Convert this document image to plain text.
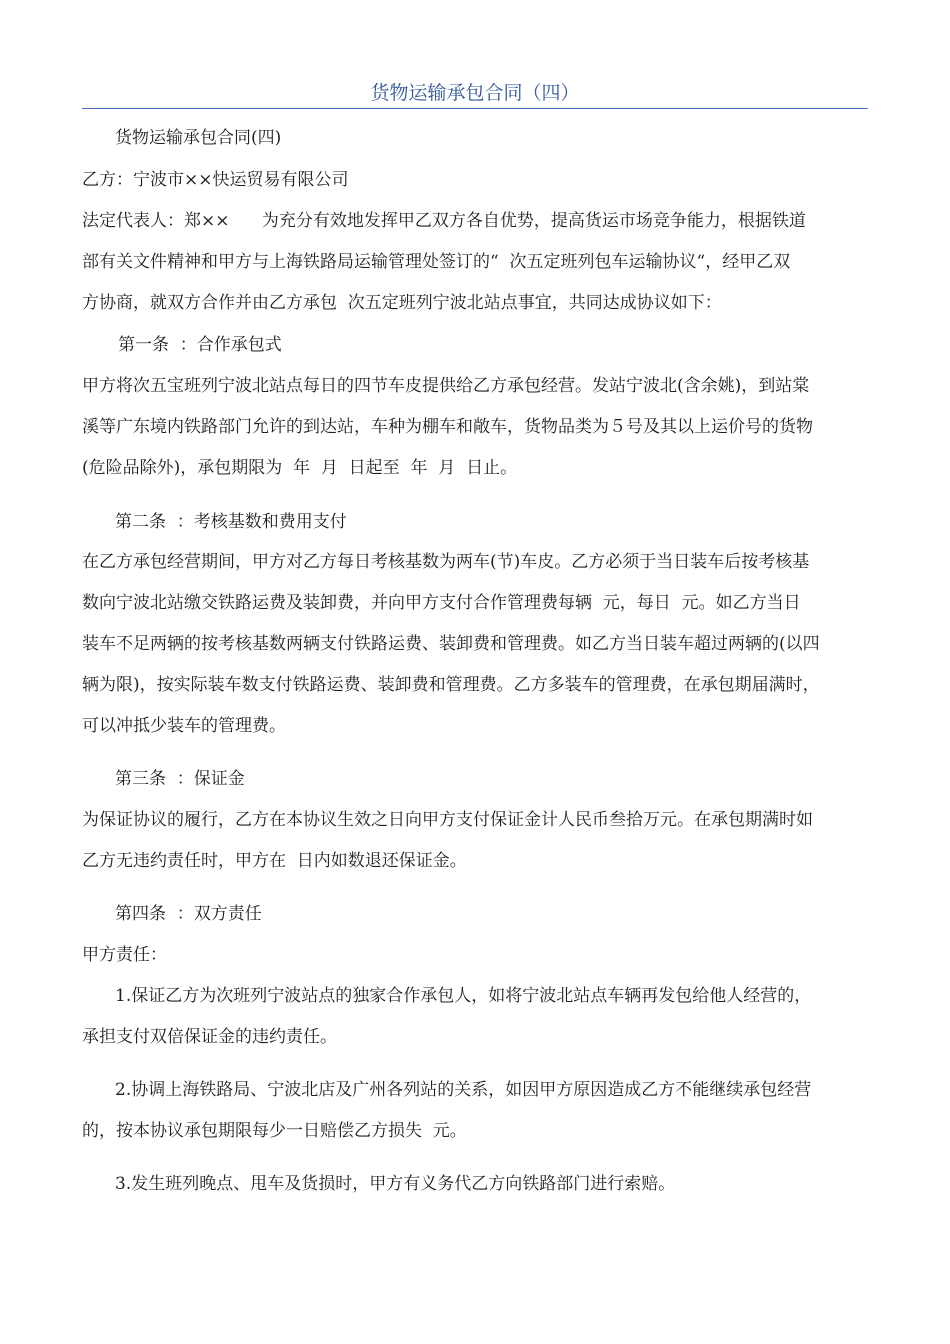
货物运输承包合同（四）
货物运输承包合同(四)
乙方：宁波市××快运贸易有限公司
法定代表人：郑××      为充分有效地发挥甲乙双方各自优势，提高货运市场竞争能力，根据铁道
部有关文件精神和甲方与上海铁路局运输管理处签订的“  次五定班列包车运输协议“，经甲乙双
方协商，就双方合作并由乙方承包  次五定班列宁波北站点事宜，共同达成协议如下：
第一条  ：合作承包式
甲方将次五宝班列宁波北站点每日的四节车皮提供给乙方承包经营。发站宁波北(含余姚)，到站棠
溪等广东境内铁路部门允许的到达站，车种为棚车和敞车，货物品类为５号及其以上运价号的货物
(危险品除外)，承包期限为  年  月  日起至  年  月  日止。
第二条  ：考核基数和费用支付
在乙方承包经营期间，甲方对乙方每日考核基数为两车(节)车皮。乙方必须于当日装车后按考核基
数向宁波北站缴交铁路运费及装卸费，并向甲方支付合作管理费每辆  元，每日  元。如乙方当日
装车不足两辆的按考核基数两辆支付铁路运费、装卸费和管理费。如乙方当日装车超过两辆的(以四
辆为限)，按实际装车数支付铁路运费、装卸费和管理费。乙方多装车的管理费，在承包期届满时，
可以冲抵少装车的管理费。
第三条  ：保证金
为保证协议的履行，乙方在本协议生效之日向甲方支付保证金计人民币叁拾万元。在承包期满时如
乙方无违约责任时，甲方在  日内如数退还保证金。
第四条  ：双方责任
甲方责任：
1.保证乙方为次班列宁波站点的独家合作承包人，如将宁波北站点车辆再发包给他人经营的，
承担支付双倍保证金的违约责任。
2.协调上海铁路局、宁波北店及广州各列站的关系，如因甲方原因造成乙方不能继续承包经营
的，按本协议承包期限每少一日赔偿乙方损失  元。
3.发生班列晚点、甩车及货损时，甲方有义务代乙方向铁路部门进行索赔。
